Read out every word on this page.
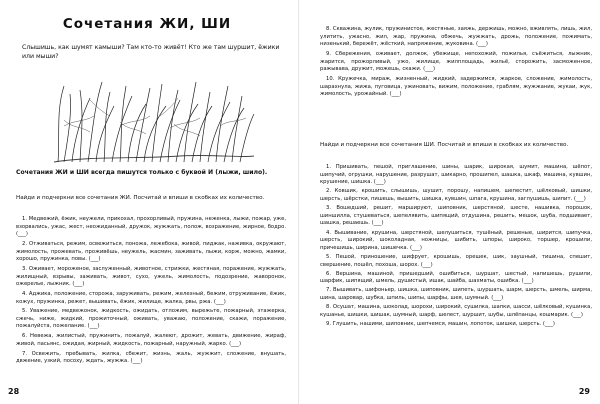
Сочетания ЖИ, ШИ

Слышишь, как шумят камыши? Там кто-то живёт! Кто же там шуршит, ёжики или мыши?

Сочетания ЖИ и ШИ всегда пишутся только с буквой И (лыжи, шило).

Найди и подчеркни все сочетания ЖИ. Посчитай и впиши в скобках их количество.

1. Медвежий, ёжик, неужели, прикохал, прохорливый, пружина, неженка, лыжи, пожар, уже, взорвались, ужас, жест, неожиданный, дружок, жужжать, полож, возражение, жирное, бодро. (___)
2. Отживаться, режим, освежиться, поножа, лежебока, живой, пиджак, наживка, окружают, жимолость, прожевать, проживёшь, неужель, жасмин, заживать, лыжи, корж, можно, жамки, хорошо, пружинка, повы. (___)
3. Оживает, мороженое, заслуженный, животное, стрижки, жестяная, поражение, жужжать, жилищный, взрывы, заживать, живот, сухо, ужель, жимолость, подозрение, жаворонок, ожерелье, лыжник. (___)
4. Аджика, положение, сторожа, заруживать, режим, железный, бежим, отруживание, ёжик, кожух, пружинка, режет, вышивать, ёжик, жилище, жалка, рвы, ржа. (___)
5. Уважение, медвежонок, жидкость, ожидать, отложим, вырежьте, пожарный, этажерка, сжечь, ниже, жидкий, прожиточный, оживать, уважаю, положение, скажи, поражение, пожалуйста, пожелание. (___)
6. Невежа, жилистый, пружинить, пожалуй, жалеют, дрожит, жевать, движение, жираф, живой, пасьянс, ожидая, жирный, жидкость, пожарный, наружный, жарко. (___)
7. Освежить, пребывать, жилка, сбежит, жизнь, жаль, жужжит, сложение, внушать, двжение, узкий, посоху, ждать, жужжа. (___)
28
8. Скважина, жулик, пружинистое, жестяные, заяжь, держишь, можно, вживлять, лишь, жил, улитить, ужасно, жил, жар, пружина, обжечь, жужжать, дрожь, положение, пожимать, низенький, бережёт, жёсткий, напряжение, жуковина. (___)
9. Сбережения, оживает, должок, убежище, непохожий, пожилья, съёжиться, лыжник, жарится, прожорливый, ужо, жилище, жилплощадь, жильё, сторожить, засможенное, ражывава, дружит, можешь, скажи. (___)
10. Кружечка, мираж, жизненный, жидкий, задержимся, жаркое, сложение, жимолость, шарахнула, жижа, пуговица, ужиновать, вижим, положение, граблям, жужжание, жукаи, жук, жимолость, урожайный. (___)

Найди и подчеркни все сочетания ШИ. Посчитай и впиши в скобках их количество.

1. Пришивать, пешой, приглашение, шины, шарик, широкая, шумит, машина, шёпот, шипучий, огрушки, нарушение, разрушат, шикарно, прошипел, шашка, шкаф, машина, кувшин, крушение, шишка. (___)
2. Ковшик, крошить, слышишь, шушит, порошу, напишем, шепестит, шёлковый, шишки, шерсть, шёрстки, пишешь, вышить, шишка, кувшин, шпага, крушина, заглушишь, шипит. (___)
3. Вошедший, решит, маршируют, шиповник, шерстяной, шесте, нашивка, порошок, шиншилла, стушеваться, шепелявить, шипящий, отдушина, решить, мешок, шуба, подшивает, шашка, решаешь. (___)
4. Вышивание, крушина, шерстяной, шелушиться, тушёный, решеные, ширится, шипучка, шерсть, широкий, шоколадная, ножницы, шибить, шпоры, широко, торшер, крошили, причешишь, ширина, шишечка. (___)
5. Пешой, приношение, шифрует, крошишь, орешек, шик, заушный, тишина, спешит, свершение, пошёл, похоша, шорох. (___)
6. Вершина, машиной, пришедший, ошибиться, шуршат, шестый, напишешь, рушили, шарфик, шипящий, шмель, душистый, ишак, шайба, шахматы, ошибка. (___)
7. Вышивать, шифоньер, шишка, шиповник, шипеть, шуршать, шарм, шерсть, шмель, ширма, шина, шаровар, шубка, шпиль, шипы, шарфы, шея, шумный. (___)
8. Осушат, машина, шоколад, шорохи, широкий, сушилка, шапки, шасси, шёлковый, кушинка, кушанье, шишки, шишак, шумный, шарф, шелест, шуршит, шубы, шлёпанцы, кошмарик. (___)
9. Глушить, нашими, шиповник, шепчемся, машин, лопоток, шишки, шерсть. (___)
29
